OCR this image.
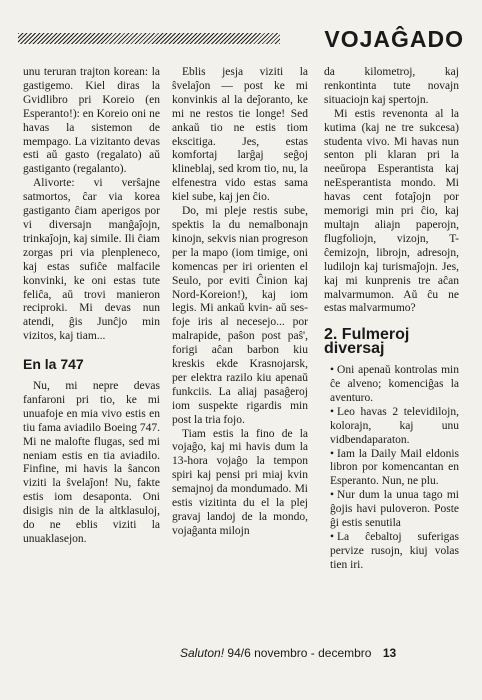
VOJAĜADO

unu teruran trajton korean: la gastigemo. Kiel diras la Gvidlibro pri Koreio (en Esperanto!): en Koreio oni ne havas la sistemon de mempago. La vizitanto devas esti aŭ gasto (regalato) aŭ gastiganto (regalanto).

Alivorte: vi verŝajne satmortos, ĉar via korea gastiganto ĉiam aperigos por vi diversajn manĝaĵojn, trinkaĵojn, kaj simile. Ili ĉiam zorgas pri via plenpleneco, kaj estas sufiĉe malfacile konvinki, ke oni estas tute feliĉa, aŭ trovi manieron reciproki. Mi devas nun atendi, ĝis Junĉjo min vizitos, kaj tiam...

En la 747

Nu, mi nepre devas fanfaroni pri tio, ke mi unuafoje en mia vivo estis en tiu fama aviadilo Boeing 747. Mi ne malofte flugas, sed mi neniam estis en tia aviadilo. Finfine, mi havis la ŝancon viziti la ŝvelaĵon! Nu, fakte estis iom desaponta. Oni disigis nin de la altklasuloj, do ne eblis viziti la unuaklasejon.

Eblis jesja viziti la ŝvelaĵon — post ke mi konvinkis al la deĵoranto, ke mi ne restos tie longe! Sed ankaŭ tio ne estis tiom ekscitiga. Jes, estas komfortaj larĝaj seĝoj klineblaj, sed krom tio, nu, la elfenestra vido estas sama kiel sube, kaj jen ĉio.

Do, mi pleje restis sube, spektis la du nemalbonajn kinojn, sekvis nian progreson per la mapo (iom timige, oni komencas per iri orienten el Seulo, por eviti Ĉinion kaj Nord-Koreion!), kaj iom legis. Mi ankaŭ kvin- aŭ ses-foje iris al necesejo... por malrapide, paŝon post paŝ', forigi aĉan barbon kiu kreskis ekde Krasnojarsk, per elektra razilo kiu apenaŭ funkciis. La aliaj pasaĝeroj iom suspekte rigardis min post la tria fojo.

Tiam estis la fino de la vojaĝo, kaj mi havis dum la 13-hora vojaĝo la tempon spiri kaj pensi pri miaj kvin semajnoj da mondumado. Mi estis vizitinta du el la plej gravaj landoj de la mondo, vojaĝanta milojn

da kilometroj, kaj renkontinta tute novajn situaciojn kaj spertojn.

Mi estis revenonta al la kutima (kaj ne tre sukcesa) studenta vivo. Mi havas nun senton pli klaran pri la neeŭropa Esperantista kaj neEsperantista mondo. Mi havas cent fotaĵojn por memorigi min pri ĉio, kaj multajn aliajn paperojn, flugfoliojn, vizojn, T-ĉemizojn, librojn, adresojn, ludilojn kaj turismaĵojn. Jes, kaj mi kunprenis tre aĉan malvarmumon. Aŭ ĉu ne estas malvarmumo?

2. Fulmeroj diversaj

• Oni apenaŭ kontrolas min ĉe alveno; komenciĝas la aventuro.

• Leo havas 2 televidilojn, kolorajn, kaj unu vidbendaparaton.

• Iam la Daily Mail eldonis libron por komencantan en Esperanto. Nun, ne plu.

• Nur dum la unua tago mi ĝojis havi puloveron. Poste ĝi estis senutila

• La ĉebaltoj suferigas pervize rusojn, kiuj volas tien iri.

Saluton! 94/6 novembro - decembro 13
